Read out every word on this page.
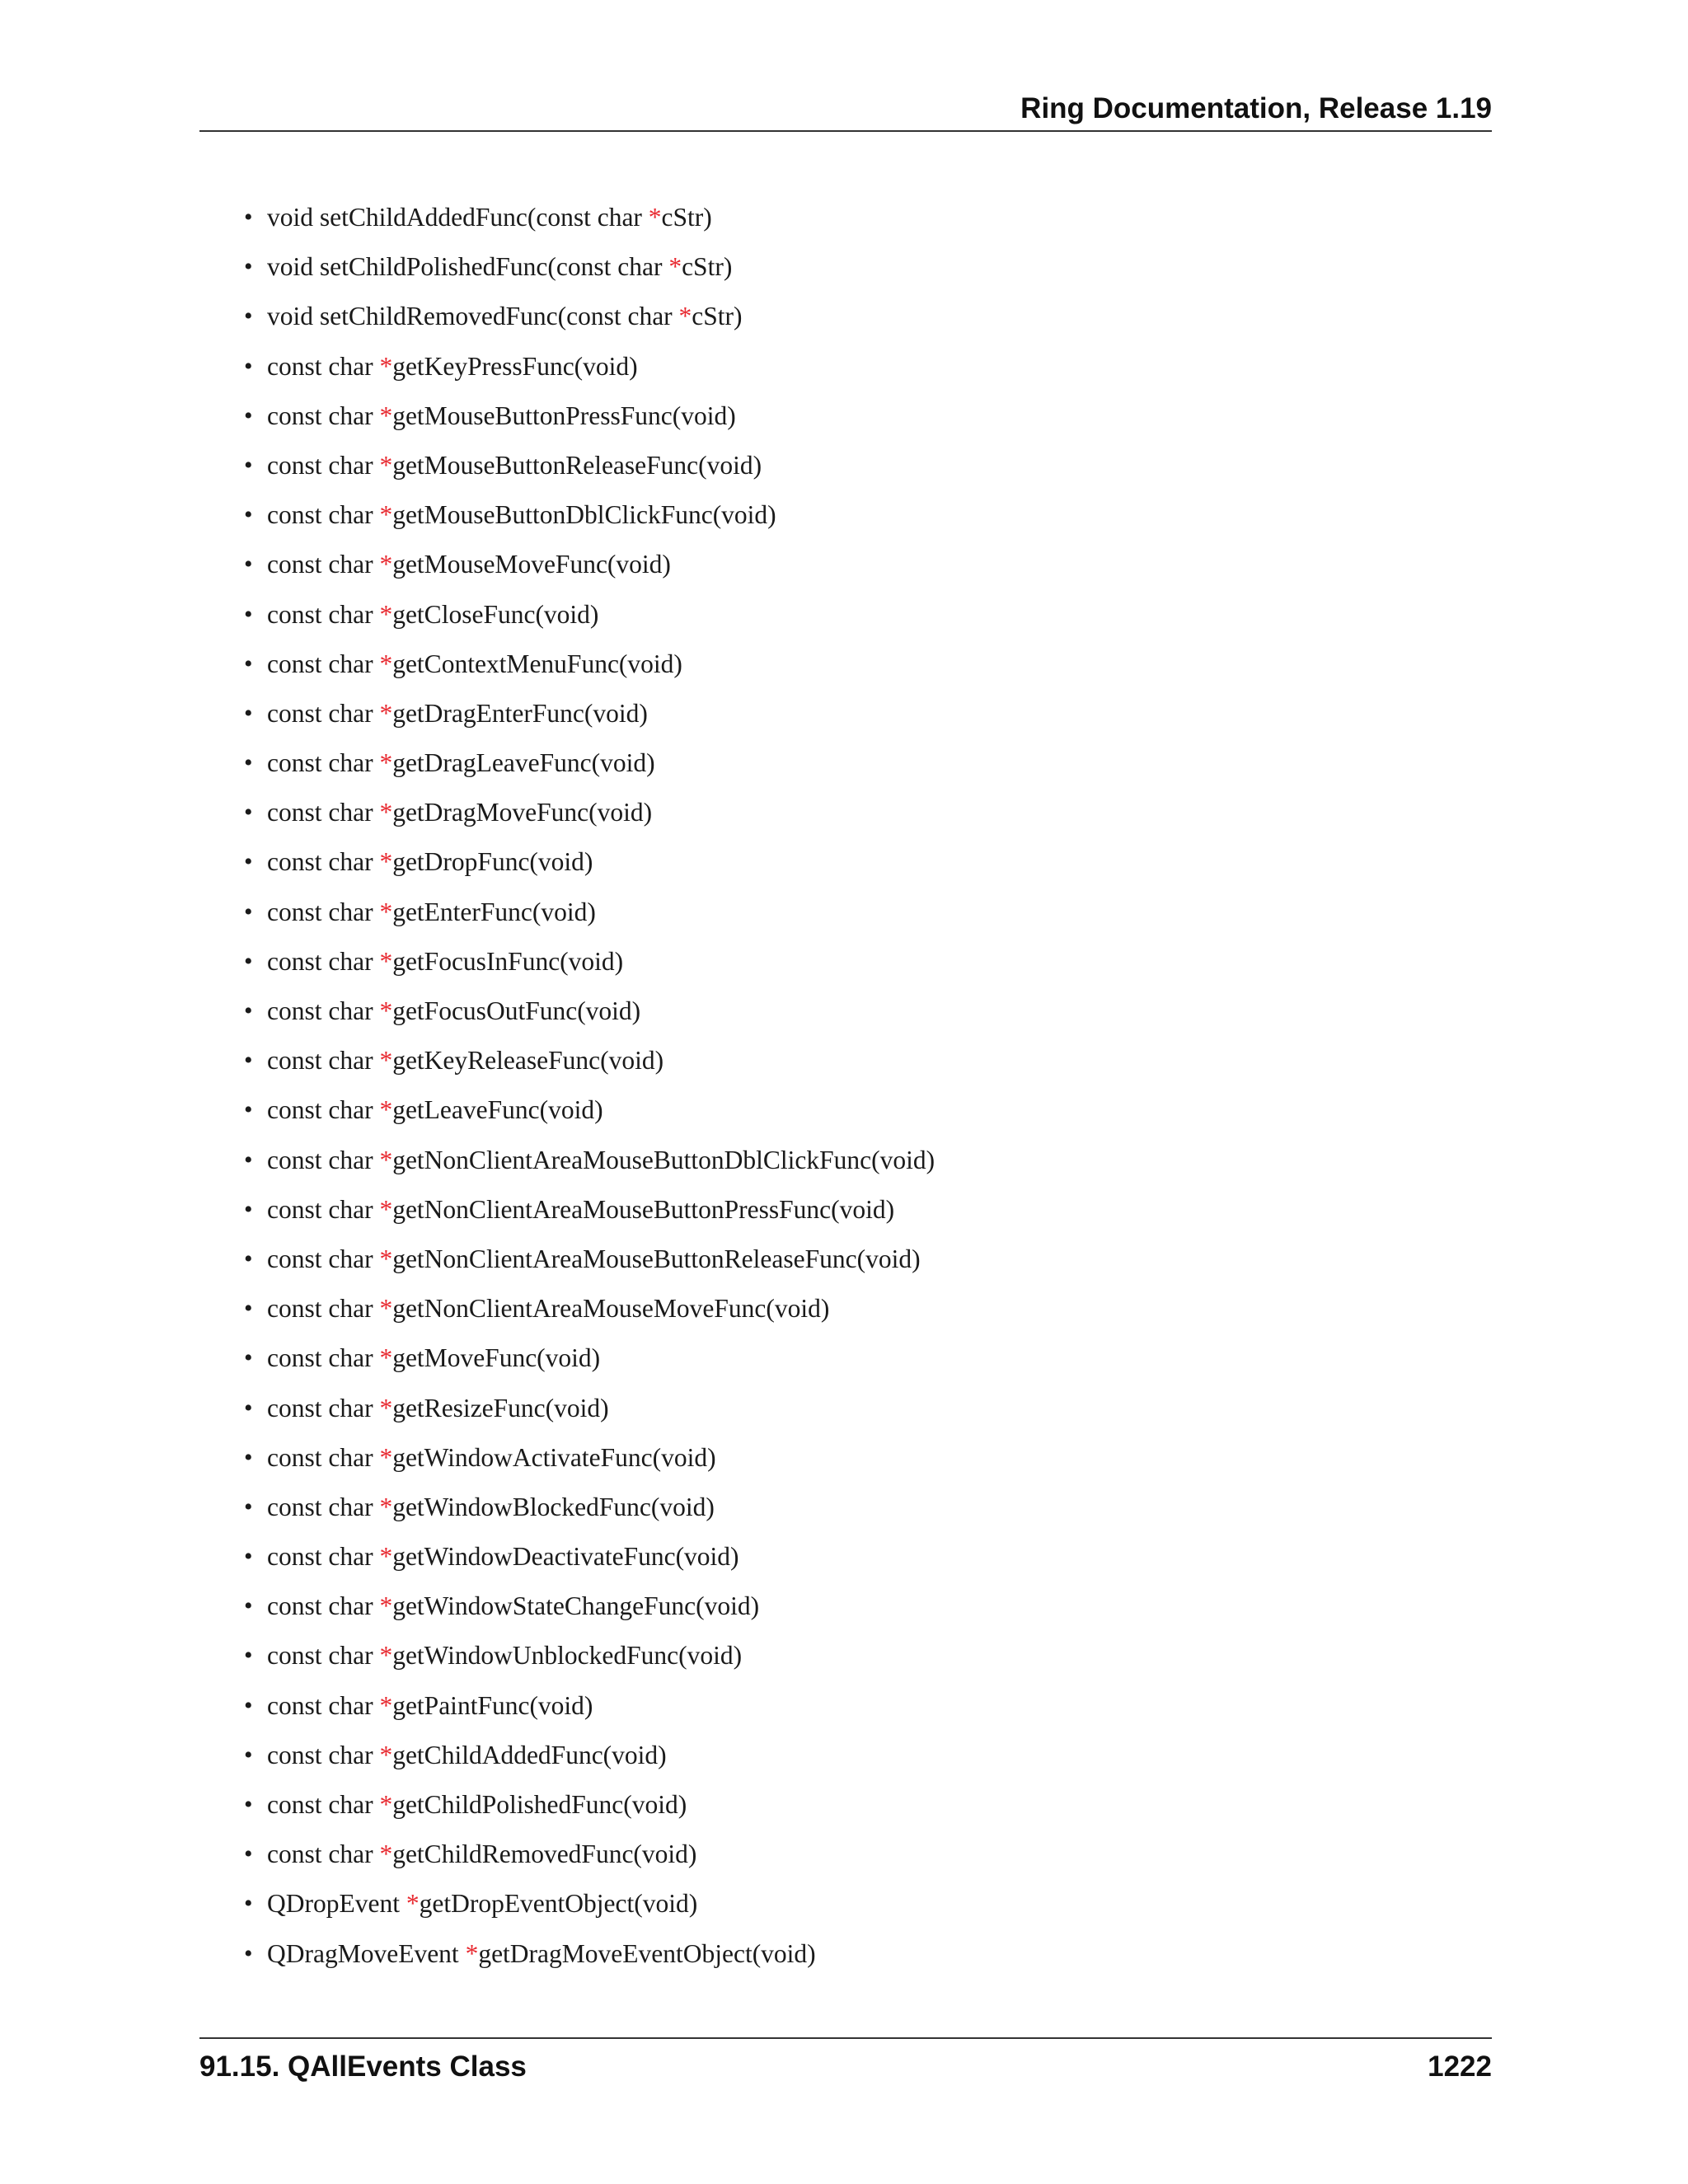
Ring Documentation, Release 1.19
• void setChildAddedFunc(const char *cStr)
• void setChildPolishedFunc(const char *cStr)
• void setChildRemovedFunc(const char *cStr)
• const char *getKeyPressFunc(void)
• const char *getMouseButtonPressFunc(void)
• const char *getMouseButtonReleaseFunc(void)
• const char *getMouseButtonDblClickFunc(void)
• const char *getMouseMoveFunc(void)
• const char *getCloseFunc(void)
• const char *getContextMenuFunc(void)
• const char *getDragEnterFunc(void)
• const char *getDragLeaveFunc(void)
• const char *getDragMoveFunc(void)
• const char *getDropFunc(void)
• const char *getEnterFunc(void)
• const char *getFocusInFunc(void)
• const char *getFocusOutFunc(void)
• const char *getKeyReleaseFunc(void)
• const char *getLeaveFunc(void)
• const char *getNonClientAreaMouseButtonDblClickFunc(void)
• const char *getNonClientAreaMouseButtonPressFunc(void)
• const char *getNonClientAreaMouseButtonReleaseFunc(void)
• const char *getNonClientAreaMouseMoveFunc(void)
• const char *getMoveFunc(void)
• const char *getResizeFunc(void)
• const char *getWindowActivateFunc(void)
• const char *getWindowBlockedFunc(void)
• const char *getWindowDeactivateFunc(void)
• const char *getWindowStateChangeFunc(void)
• const char *getWindowUnblockedFunc(void)
• const char *getPaintFunc(void)
• const char *getChildAddedFunc(void)
• const char *getChildPolishedFunc(void)
• const char *getChildRemovedFunc(void)
• QDropEvent *getDropEventObject(void)
• QDragMoveEvent *getDragMoveEventObject(void)
91.15. QAllEvents Class	1222
